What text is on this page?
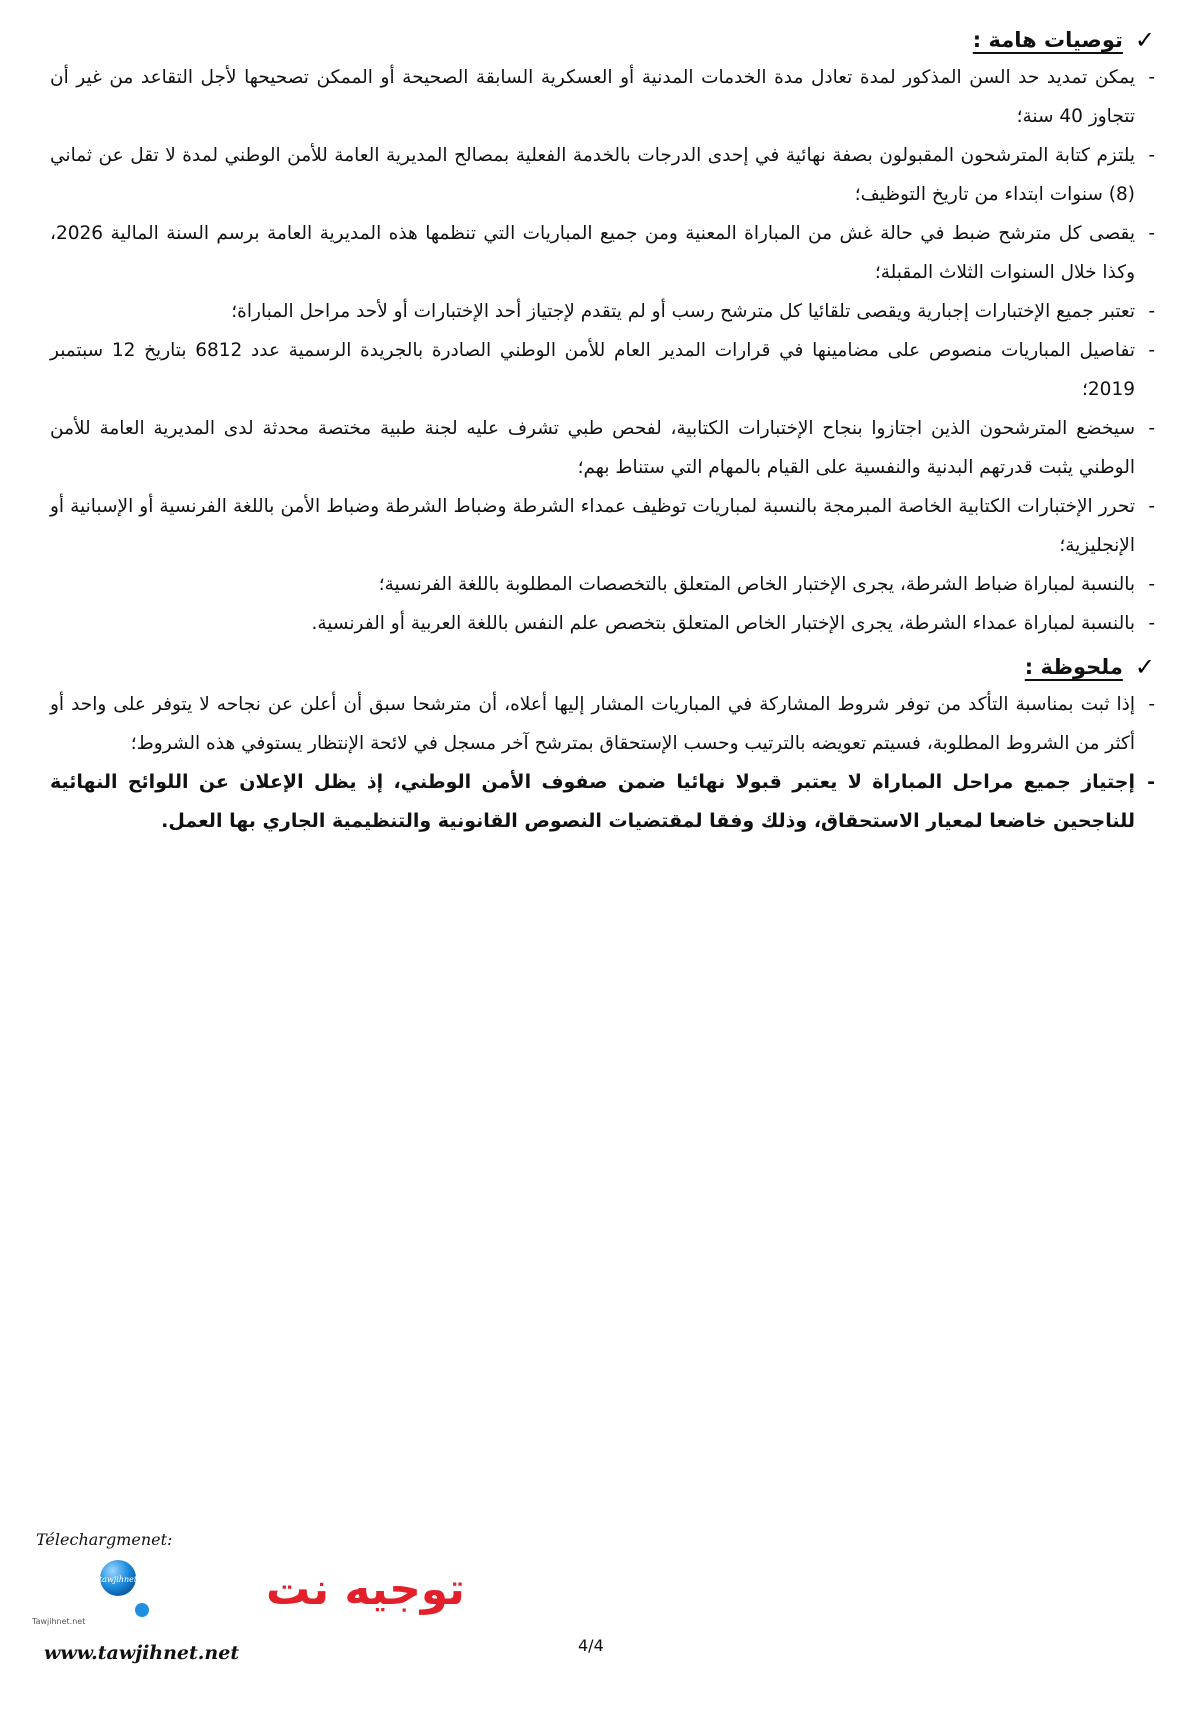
✓
توصيات هامة :
- يمكن تمديد حد السن المذكور لمدة تعادل مدة الخدمات المدنية أو العسكرية السابقة الصحيحة أو الممكن تصحيحها لأجل التقاعد من غير أن تتجاوز 40 سنة؛
- يلتزم كتابة المترشحون المقبولون بصفة نهائية في إحدى الدرجات بالخدمة الفعلية بمصالح المديرية العامة للأمن الوطني لمدة لا تقل عن ثماني (8) سنوات ابتداء من تاريخ التوظيف؛
- يقصى كل مترشح ضبط في حالة غش من المباراة المعنية ومن جميع المباريات التي تنظمها هذه المديرية العامة برسم السنة المالية 2026، وكذا خلال السنوات الثلاث المقبلة؛
- تعتبر جميع الإختبارات إجبارية ويقصى تلقائيا كل مترشح رسب أو لم يتقدم لإجتياز أحد الإختبارات أو لأحد مراحل المباراة؛
- تفاصيل المباريات منصوص على مضامينها في قرارات المدير العام للأمن الوطني الصادرة بالجريدة الرسمية عدد 6812 بتاريخ 12 سبتمبر 2019؛
- سيخضع المترشحون الذين اجتازوا بنجاح الإختبارات الكتابية، لفحص طبي تشرف عليه لجنة طبية مختصة محدثة لدى المديرية العامة للأمن الوطني يثبت قدرتهم البدنية والنفسية على القيام بالمهام التي ستناط بهم؛
- تحرر الإختبارات الكتابية الخاصة المبرمجة بالنسبة لمباريات توظيف عمداء الشرطة وضباط الشرطة وضباط الأمن باللغة الفرنسية أو الإسبانية أو الإنجليزية؛
- بالنسبة لمباراة ضباط الشرطة، يجرى الإختبار الخاص المتعلق بالتخصصات المطلوبة باللغة الفرنسية؛
- بالنسبة لمباراة عمداء الشرطة، يجرى الإختبار الخاص المتعلق بتخصص علم النفس باللغة العربية أو الفرنسية.
✓
ملحوظة :
- إذا ثبت بمناسبة التأكد من توفر شروط المشاركة في المباريات المشار إليها أعلاه، أن مترشحا سبق أن أعلن عن نجاحه لا يتوفر على واحد أو أكثر من الشروط المطلوبة، فسيتم تعويضه بالترتيب وحسب الإستحقاق بمترشح آخر مسجل في لائحة الإنتظار يستوفي هذه الشروط؛
- إجتياز جميع مراحل المباراة لا يعتبر قبولا نهائيا ضمن صفوف الأمن الوطني، إذ يظل الإعلان عن اللوائح النهائية للناجحين خاضعا لمعيار الاستحقاق، وذلك وفقا لمقتضيات النصوص القانونية والتنظيمية الجاري بها العمل.
Télechargmenet:
توجيه نت
tawjihnet
Tawjihnet.net
www.tawjihnet.net	4/4
